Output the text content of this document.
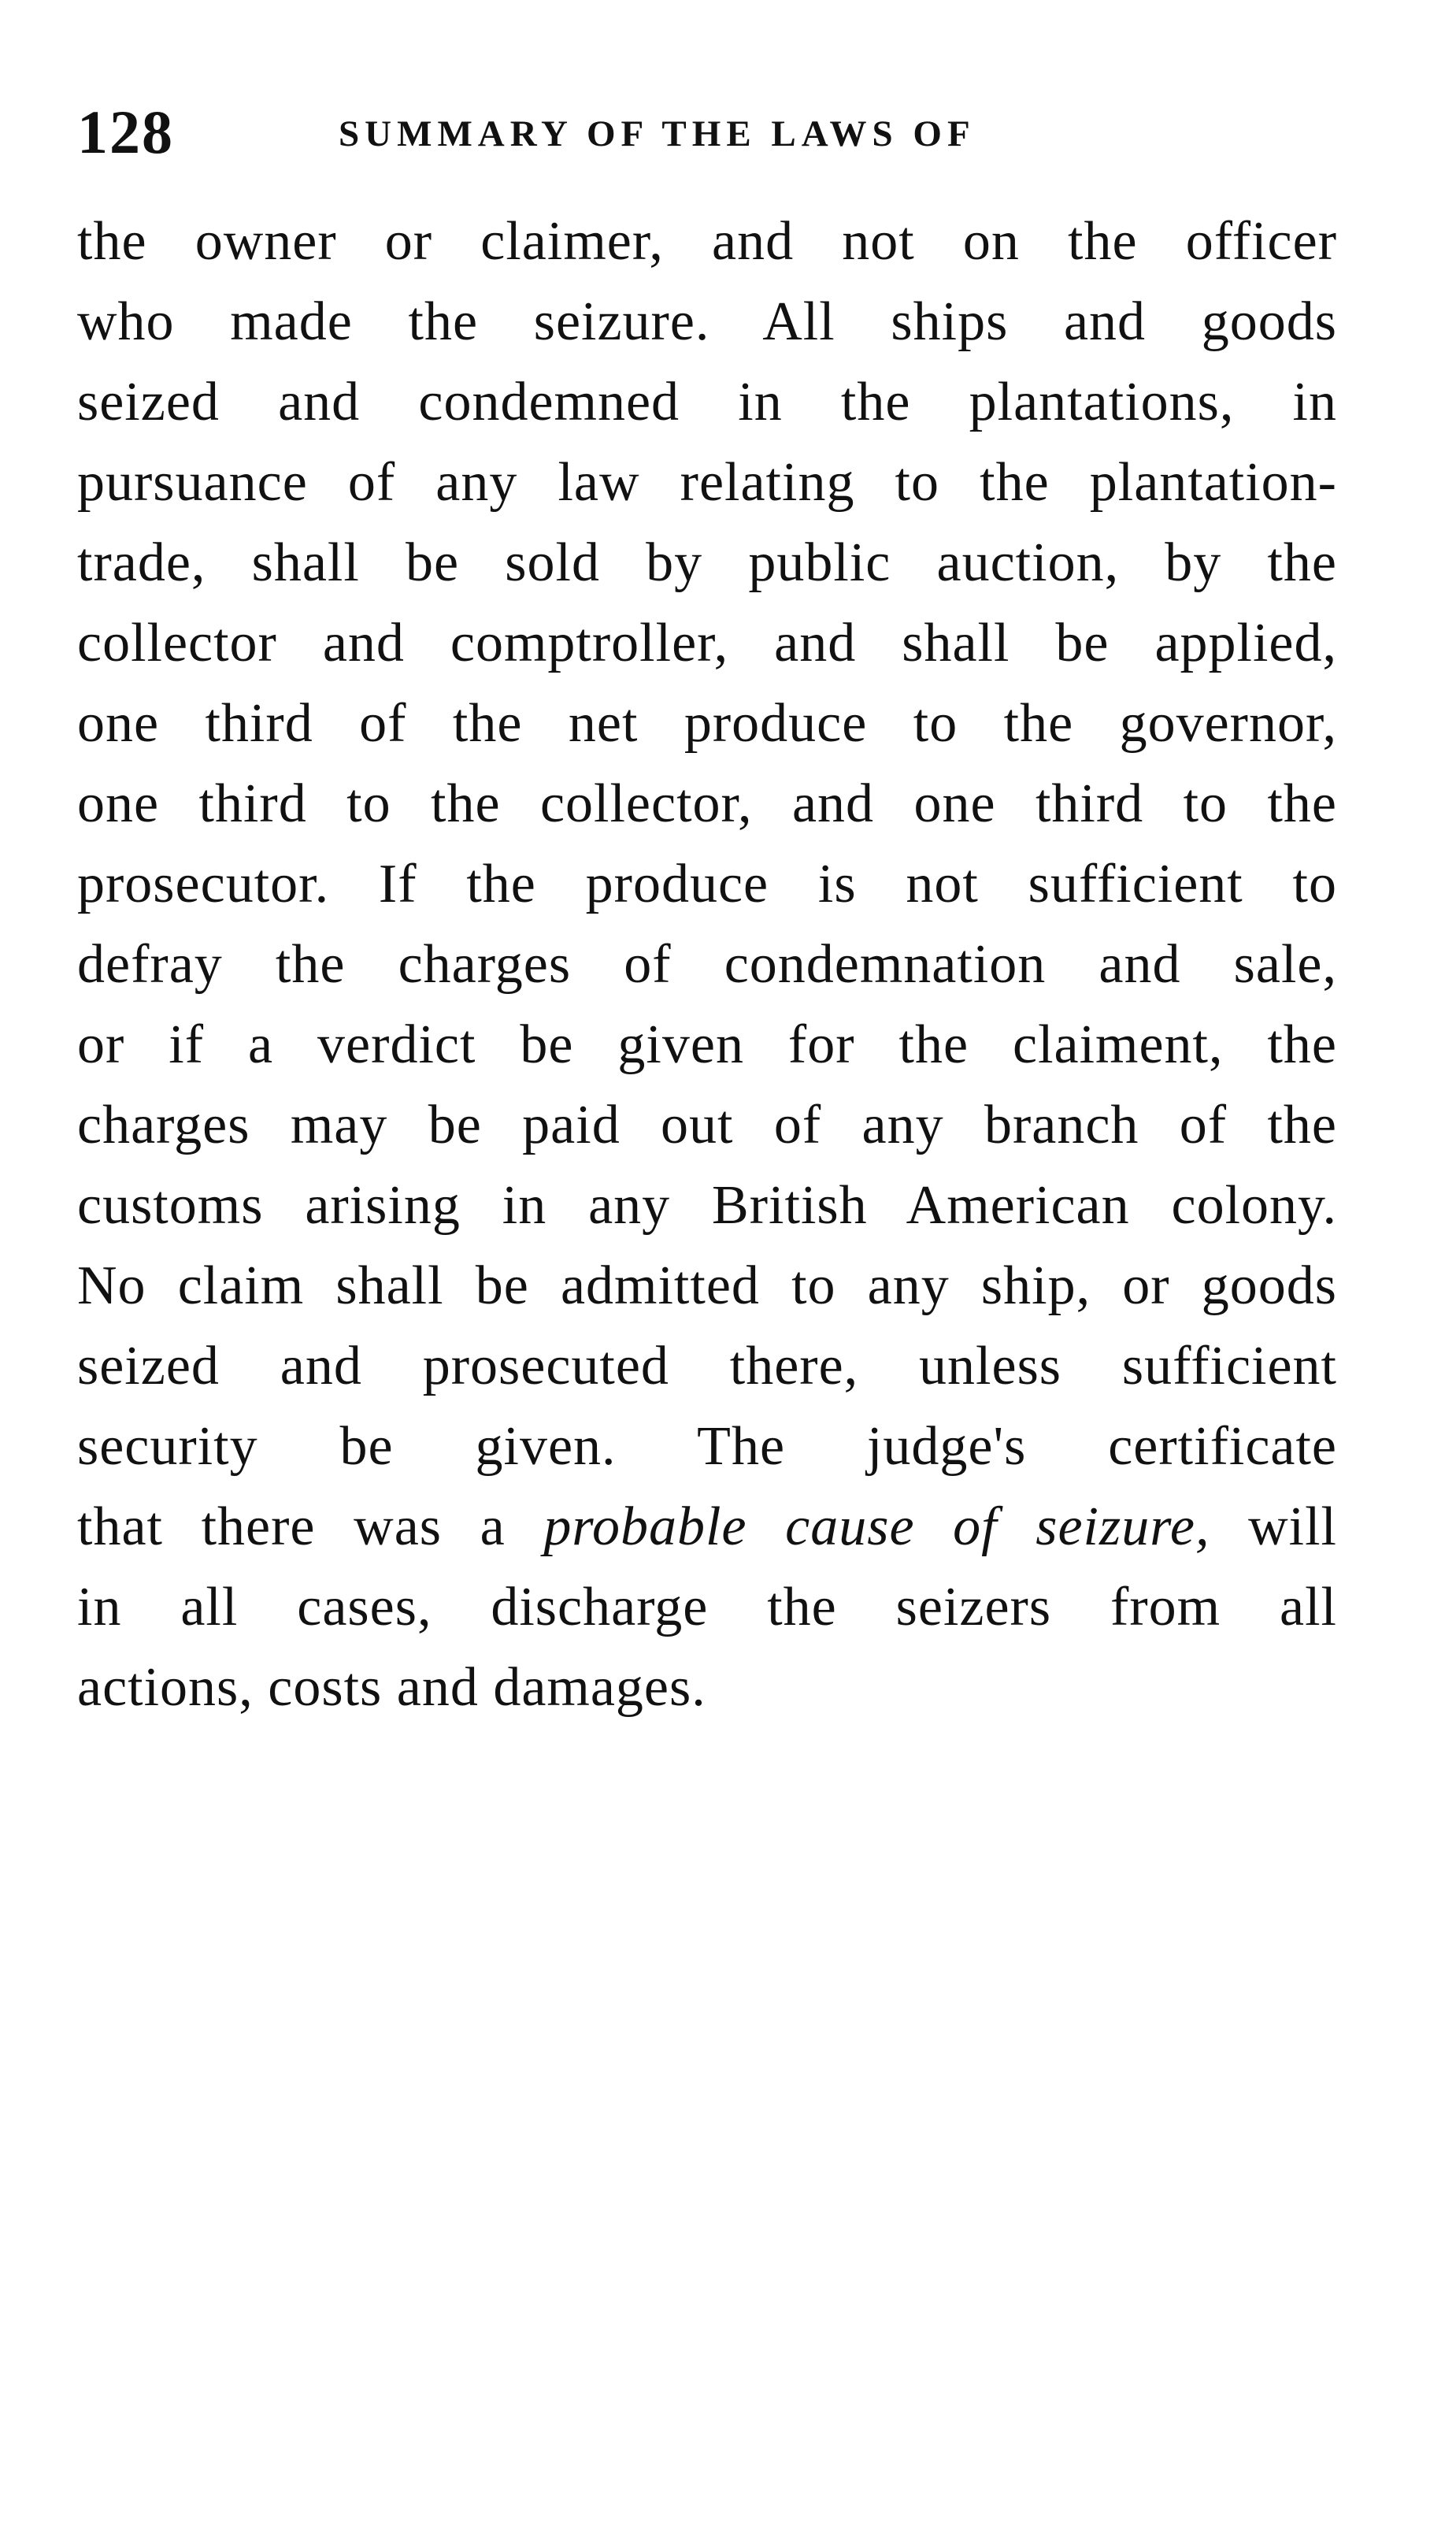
128	SUMMARY OF THE LAWS OF
the owner or claimer, and not on the officer
who made the seizure. All ships and goods
seized and condemned in the plantations, in
pursuance of any law relating to the plantation-
trade, shall be sold by public auction, by the
collector and comptroller, and shall be applied,
one third of the net produce to the governor,
one third to the collector, and one third to the
prosecutor. If the produce is not sufficient to
defray the charges of condemnation and sale,
or if a verdict be given for the claiment, the
charges may be paid out of any branch of the
customs arising in any British American colony.
No claim shall be admitted to any ship, or goods
seized and prosecuted there, unless sufficient
security be given. The judge's certificate
that there was a probable cause of seizure, will
in all cases, discharge the seizers from all
actions, costs and damages.
